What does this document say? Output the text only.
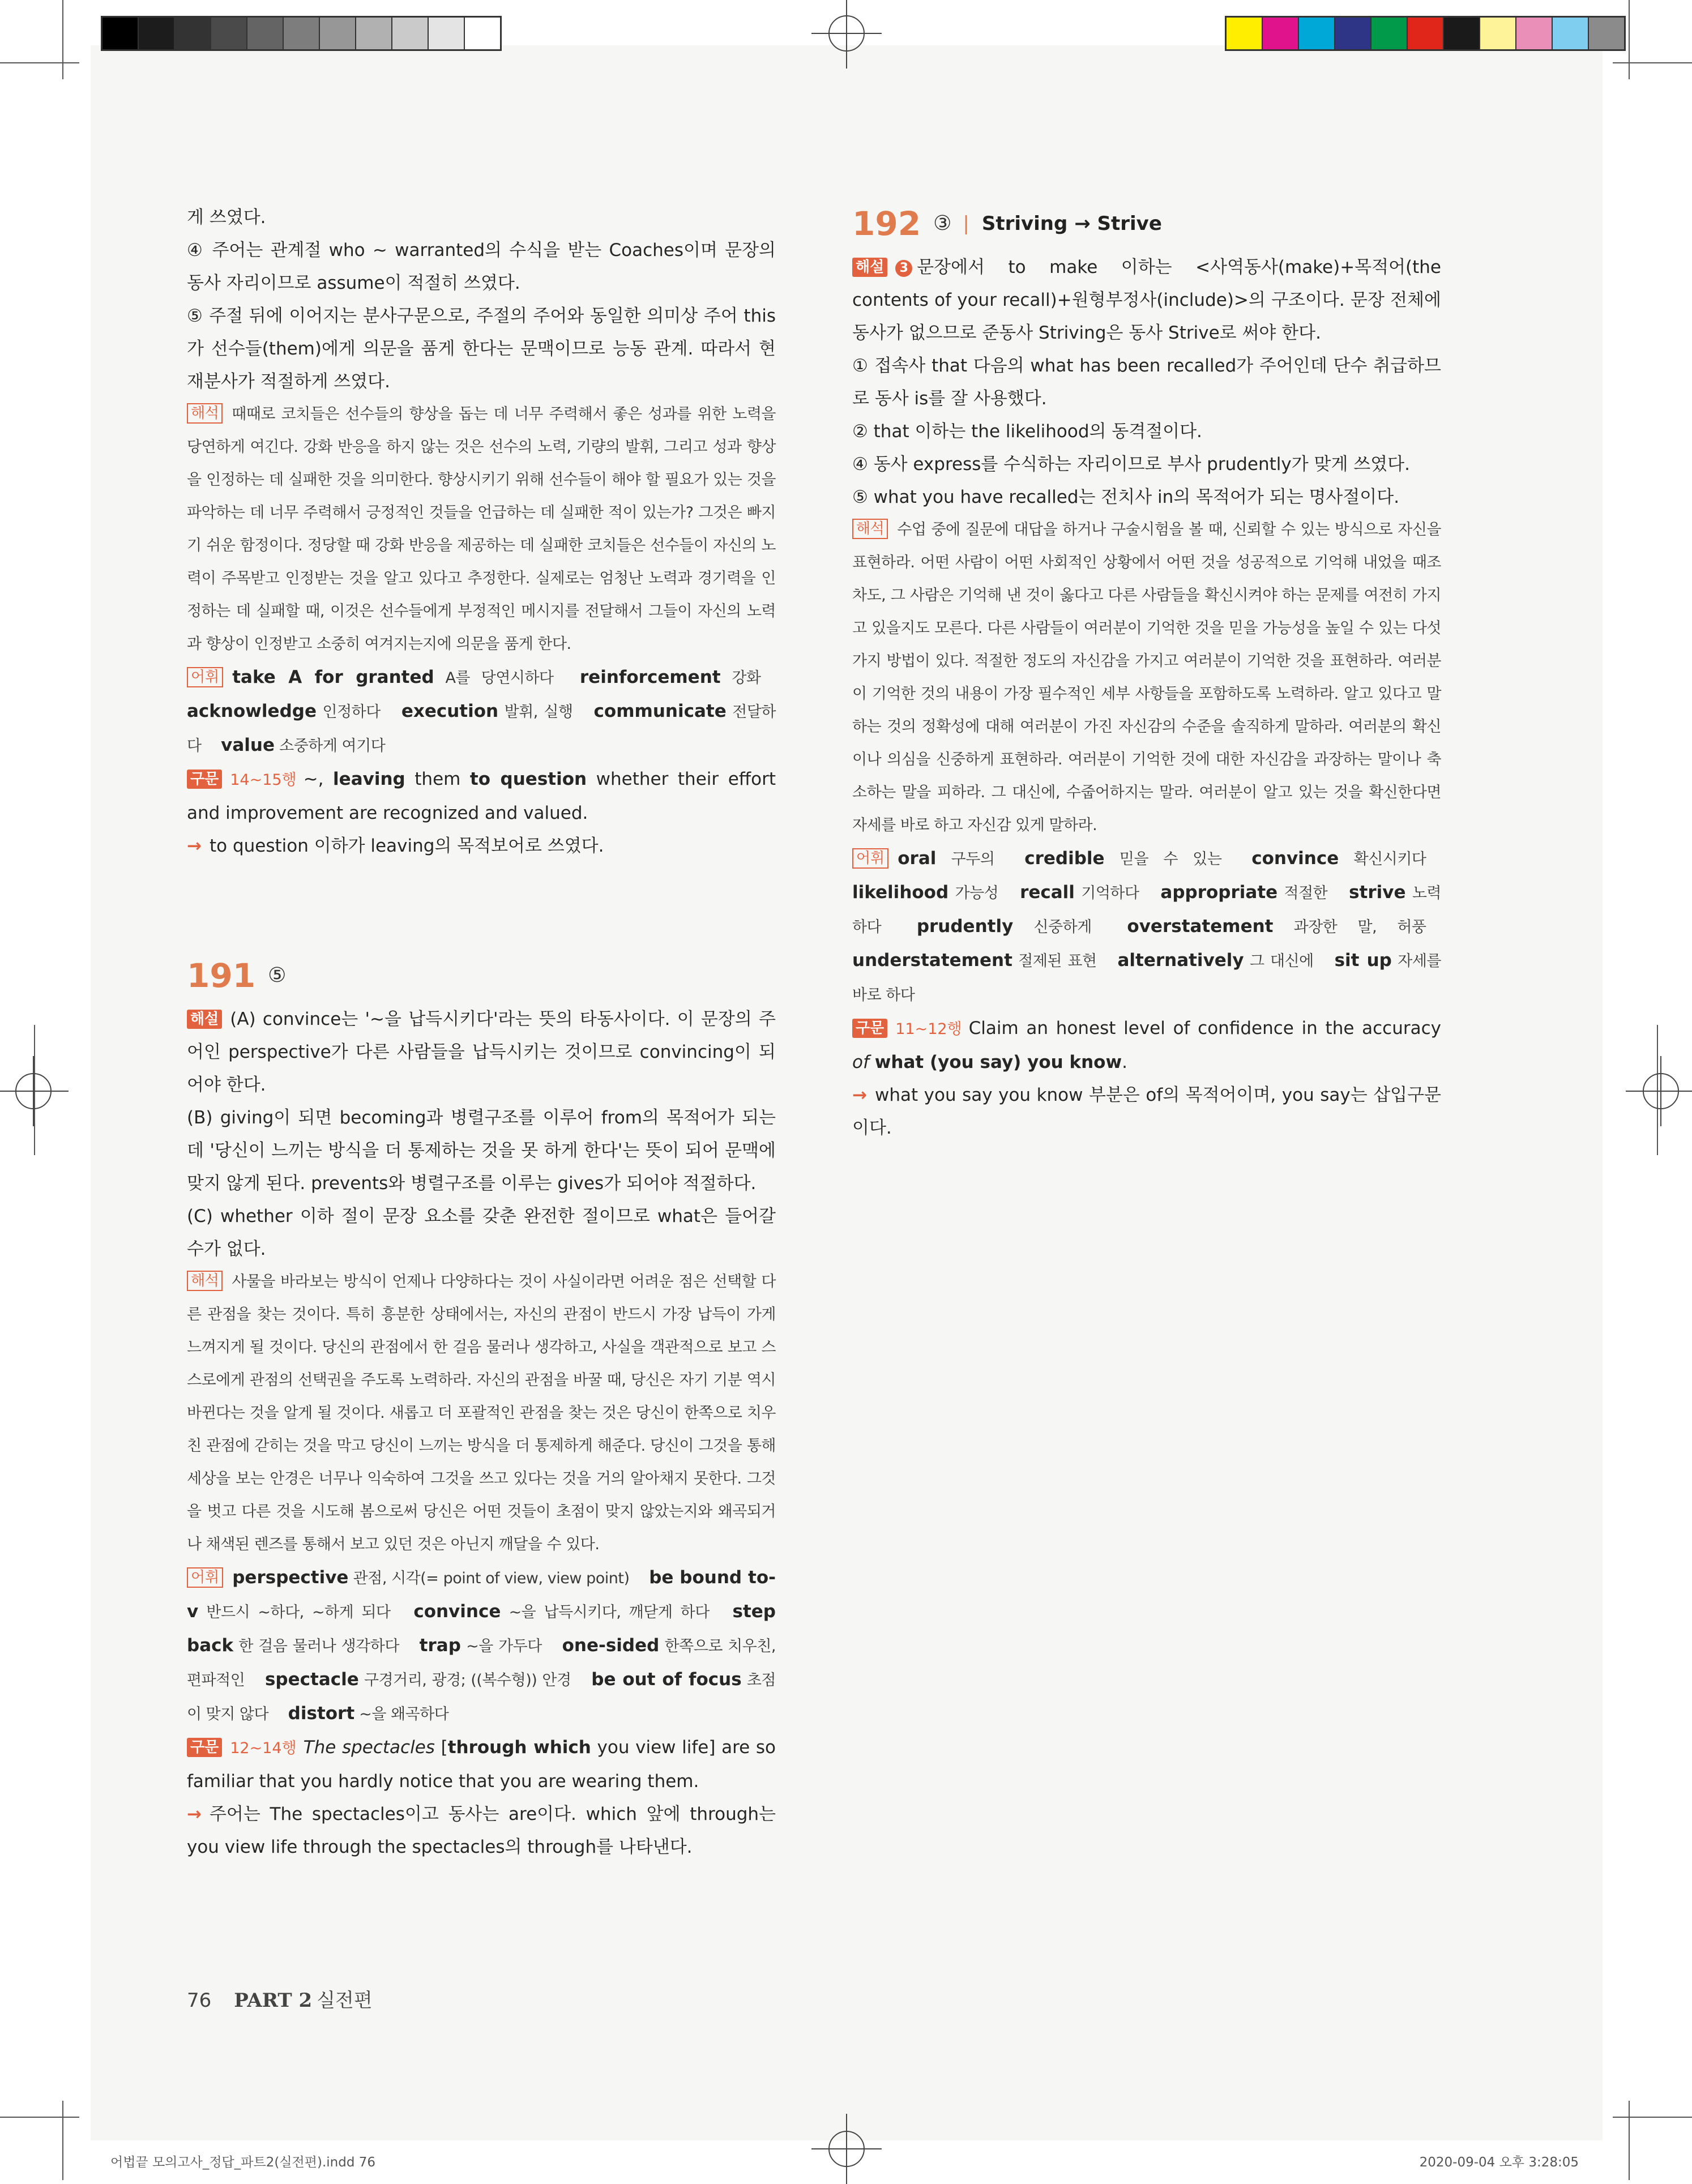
게 쓰였다.

④ 주어는 관계절 who ~ warranted의 수식을 받는 Coaches이며 문장의 동사 자리이므로 assume이 적절히 쓰였다.

⑤ 주절 뒤에 이어지는 분사구문으로, 주절의 주어와 동일한 의미상 주어 this가 선수들(them)에게 의문을 품게 한다는 문맥이므로 능동 관계. 따라서 현재분사가 적절하게 쓰였다.

해석 때때로 코치들은 선수들의 향상을 돕는 데 너무 주력해서 좋은 성과를 위한 노력을 당연하게 여긴다. 강화 반응을 하지 않는 것은 선수의 노력, 기량의 발휘, 그리고 성과 향상을 인정하는 데 실패한 것을 의미한다. 향상시키기 위해 선수들이 해야 할 필요가 있는 것을 파악하는 데 너무 주력해서 긍정적인 것들을 언급하는 데 실패한 적이 있는가? 그것은 빠지기 쉬운 함정이다. 정당할 때 강화 반응을 제공하는 데 실패한 코치들은 선수들이 자신의 노력이 주목받고 인정받는 것을 알고 있다고 추정한다. 실제로는 엄청난 노력과 경기력을 인정하는 데 실패할 때, 이것은 선수들에게 부정적인 메시지를 전달해서 그들이 자신의 노력과 향상이 인정받고 소중히 여겨지는지에 의문을 품게 한다.

어휘 take A for granted A를 당연시하다  reinforcement 강화  acknowledge 인정하다  execution 발휘, 실행  communicate 전달하다  value 소중하게 여기다 

구문 14~15행 ~, leaving them to question whether their effort and improvement are recognized and valued.

→ to question 이하가 leaving의 목적보어로 쓰였다.

191 ⑤

해설 (A) convince는 '~을 납득시키다'라는 뜻의 타동사이다. 이 문장의 주어인 perspective가 다른 사람들을 납득시키는 것이므로 convincing이 되어야 한다.

(B) giving이 되면 becoming과 병렬구조를 이루어 from의 목적어가 되는데 '당신이 느끼는 방식을 더 통제하는 것을 못 하게 한다'는 뜻이 되어 문맥에 맞지 않게 된다. prevents와 병렬구조를 이루는 gives가 되어야 적절하다.

(C) whether 이하 절이 문장 요소를 갖춘 완전한 절이므로 what은 들어갈 수가 없다.

해석 사물을 바라보는 방식이 언제나 다양하다는 것이 사실이라면 어려운 점은 선택할 다른 관점을 찾는 것이다. 특히 흥분한 상태에서는, 자신의 관점이 반드시 가장 납득이 가게 느껴지게 될 것이다. 당신의 관점에서 한 걸음 물러나 생각하고, 사실을 객관적으로 보고 스스로에게 관점의 선택권을 주도록 노력하라. 자신의 관점을 바꿀 때, 당신은 자기 기분 역시 바뀐다는 것을 알게 될 것이다. 새롭고 더 포괄적인 관점을 찾는 것은 당신이 한쪽으로 치우친 관점에 갇히는 것을 막고 당신이 느끼는 방식을 더 통제하게 해준다. 당신이 그것을 통해 세상을 보는 안경은 너무나 익숙하여 그것을 쓰고 있다는 것을 거의 알아채지 못한다. 그것을 벗고 다른 것을 시도해 봄으로써 당신은 어떤 것들이 초점이 맞지 않았는지와 왜곡되거나 채색된 렌즈를 통해서 보고 있던 것은 아닌지 깨달을 수 있다.

어휘 perspective 관점, 시각(= point of view, view point)  be bound to-v 반드시 ~하다, ~하게 되다  convince ~을 납득시키다, 깨닫게 하다  step back 한 걸음 물러나 생각하다  trap ~을 가두다  one-sided 한쪽으로 치우친, 편파적인  spectacle 구경거리, 광경; ((복수형)) 안경  be out of focus 초점이 맞지 않다  distort ~을 왜곡하다 

구문 12~14행 The spectacles [through which you view life] are so familiar that you hardly notice that you are wearing them.

→ 주어는 The spectacles이고 동사는 are이다. which 앞에 through는 you view life through the spectacles의 through를 나타낸다.

192 ③ | Striving → Strive

해설 3 문장에서 to make 이하는 <사역동사(make)+목적어(the contents of your recall)+원형부정사(include)>의 구조이다. 문장 전체에 동사가 없으므로 준동사 Striving은 동사 Strive로 써야 한다.

① 접속사 that 다음의 what has been recalled가 주어인데 단수 취급하므로 동사 is를 잘 사용했다.

② that 이하는 the likelihood의 동격절이다.

④ 동사 express를 수식하는 자리이므로 부사 prudently가 맞게 쓰였다.

⑤ what you have recalled는 전치사 in의 목적어가 되는 명사절이다.

해석 수업 중에 질문에 대답을 하거나 구술시험을 볼 때, 신뢰할 수 있는 방식으로 자신을 표현하라. 어떤 사람이 어떤 사회적인 상황에서 어떤 것을 성공적으로 기억해 내었을 때조차도, 그 사람은 기억해 낸 것이 옳다고 다른 사람들을 확신시켜야 하는 문제를 여전히 가지고 있을지도 모른다. 다른 사람들이 여러분이 기억한 것을 믿을 가능성을 높일 수 있는 다섯 가지 방법이 있다. 적절한 정도의 자신감을 가지고 여러분이 기억한 것을 표현하라. 여러분이 기억한 것의 내용이 가장 필수적인 세부 사항들을 포함하도록 노력하라. 알고 있다고 말하는 것의 정확성에 대해 여러분이 가진 자신감의 수준을 솔직하게 말하라. 여러분의 확신이나 의심을 신중하게 표현하라. 여러분이 기억한 것에 대한 자신감을 과장하는 말이나 축소하는 말을 피하라. 그 대신에, 수줍어하지는 말라. 여러분이 알고 있는 것을 확신한다면 자세를 바로 하고 자신감 있게 말하라.

어휘 oral 구두의  credible 믿을 수 있는  convince 확신시키다  likelihood 가능성  recall 기억하다  appropriate 적절한  strive 노력하다  prudently 신중하게  overstatement 과장한 말, 허풍  understatement 절제된 표현  alternatively 그 대신에  sit up 자세를 바로 하다 

구문 11~12행 Claim an honest level of confidence in the accuracy of what (you say) you know.

→ what you say you know 부분은 of의 목적어이며, you say는 삽입구문이다.

76 PART 2 실전편
어법끝 모의고사_정답_파트2(실전편).indd 76	2020-09-04 오후 3:28:05
